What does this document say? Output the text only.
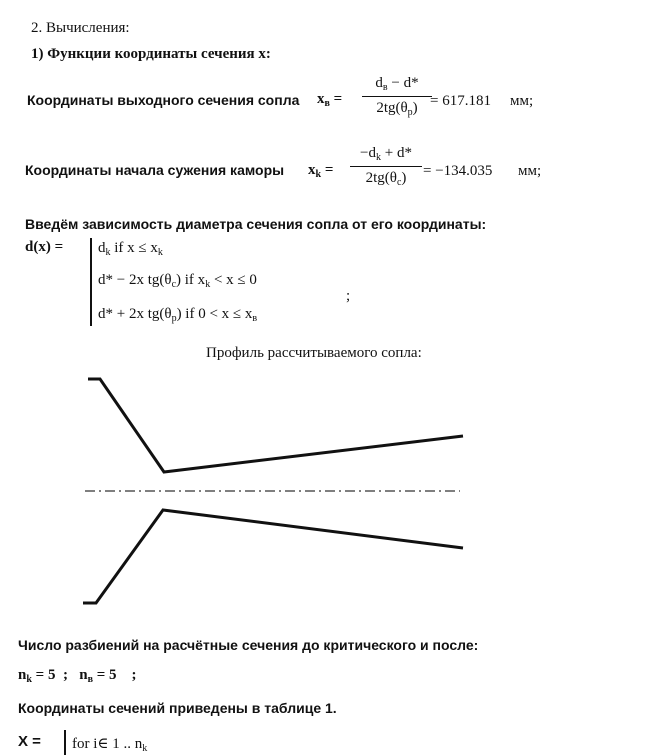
2. Вычисления:
1) Функции координаты сечения х:
Координаты выходного сечения сопла $x_в$ =
$d_в - d*$
$2tg(\theta_p) = 617.181$ мм;
Координаты начала сужения каморы $x_k$ =
$-d_k + d*$
$2tg(\theta_c)$	= −134.035 мм;
Введём зависимость диаметра сечения сопла от его координаты:
$d(x) = d_k$ if $x \le x_k$
d* − 2x $tg(\theta_c)$ if $x_k < x \le 0$
d* + 2x $tg(\theta_p)$ if $0 < x \le x_в$
;
Профиль рассчитываемого сопла:
Число разбиений на расчётные сечения до критического и после:
$n_k = 5$ ; $n_в = 5$ ;
Координаты сечений приведены в таблице 1.
X = for i∈ 1 .. $n_k$
